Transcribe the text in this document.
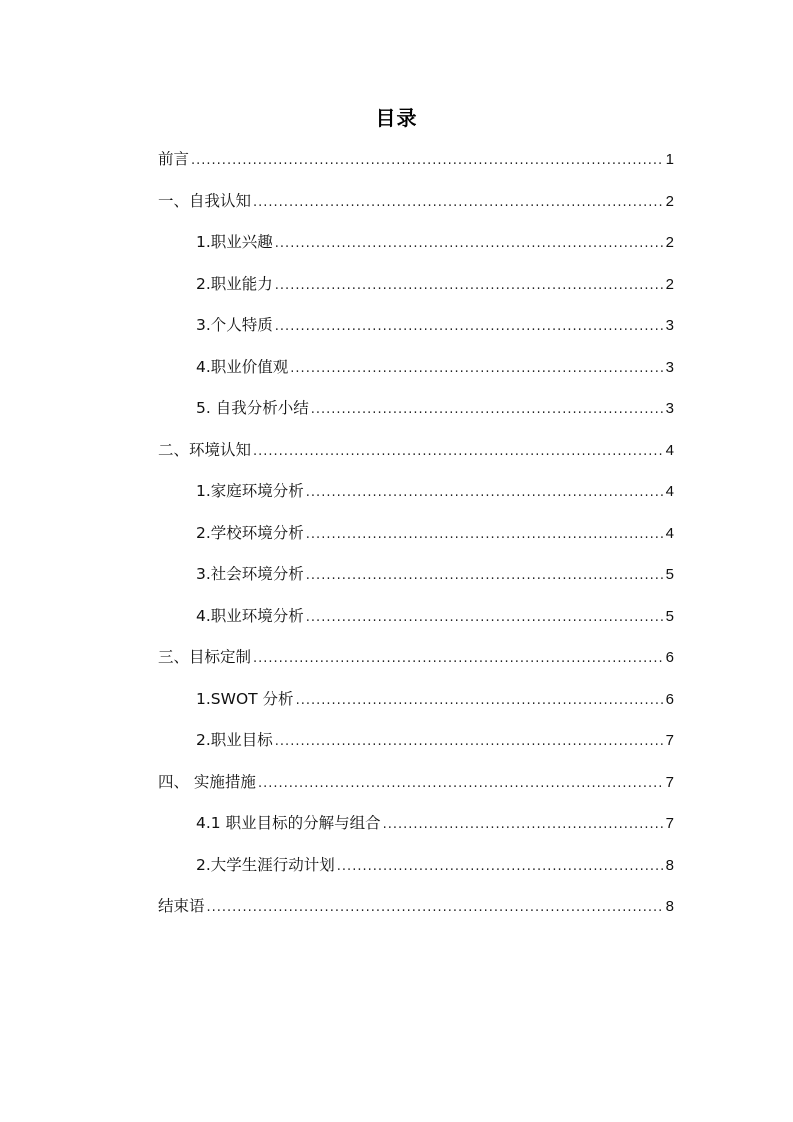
目录
前言 .....	1
一、自我认知 .....	2
1.职业兴趣 .....	2
2.职业能力 .....	2
3.个人特质 .....	3
4.职业价值观 .....	3
5. 自我分析小结 .....	3
二、环境认知 .....	4
1.家庭环境分析 .....	4
2.学校环境分析 .....	4
3.社会环境分析 .....	5
4.职业环境分析 .....	5
三、目标定制 .....	6
1.SWOT 分析 .....	6
2.职业目标 .....	7
四、 实施措施 .....	7
4.1 职业目标的分解与组合 .....	7
2.大学生涯行动计划 .....	8
结束语 .....	8
